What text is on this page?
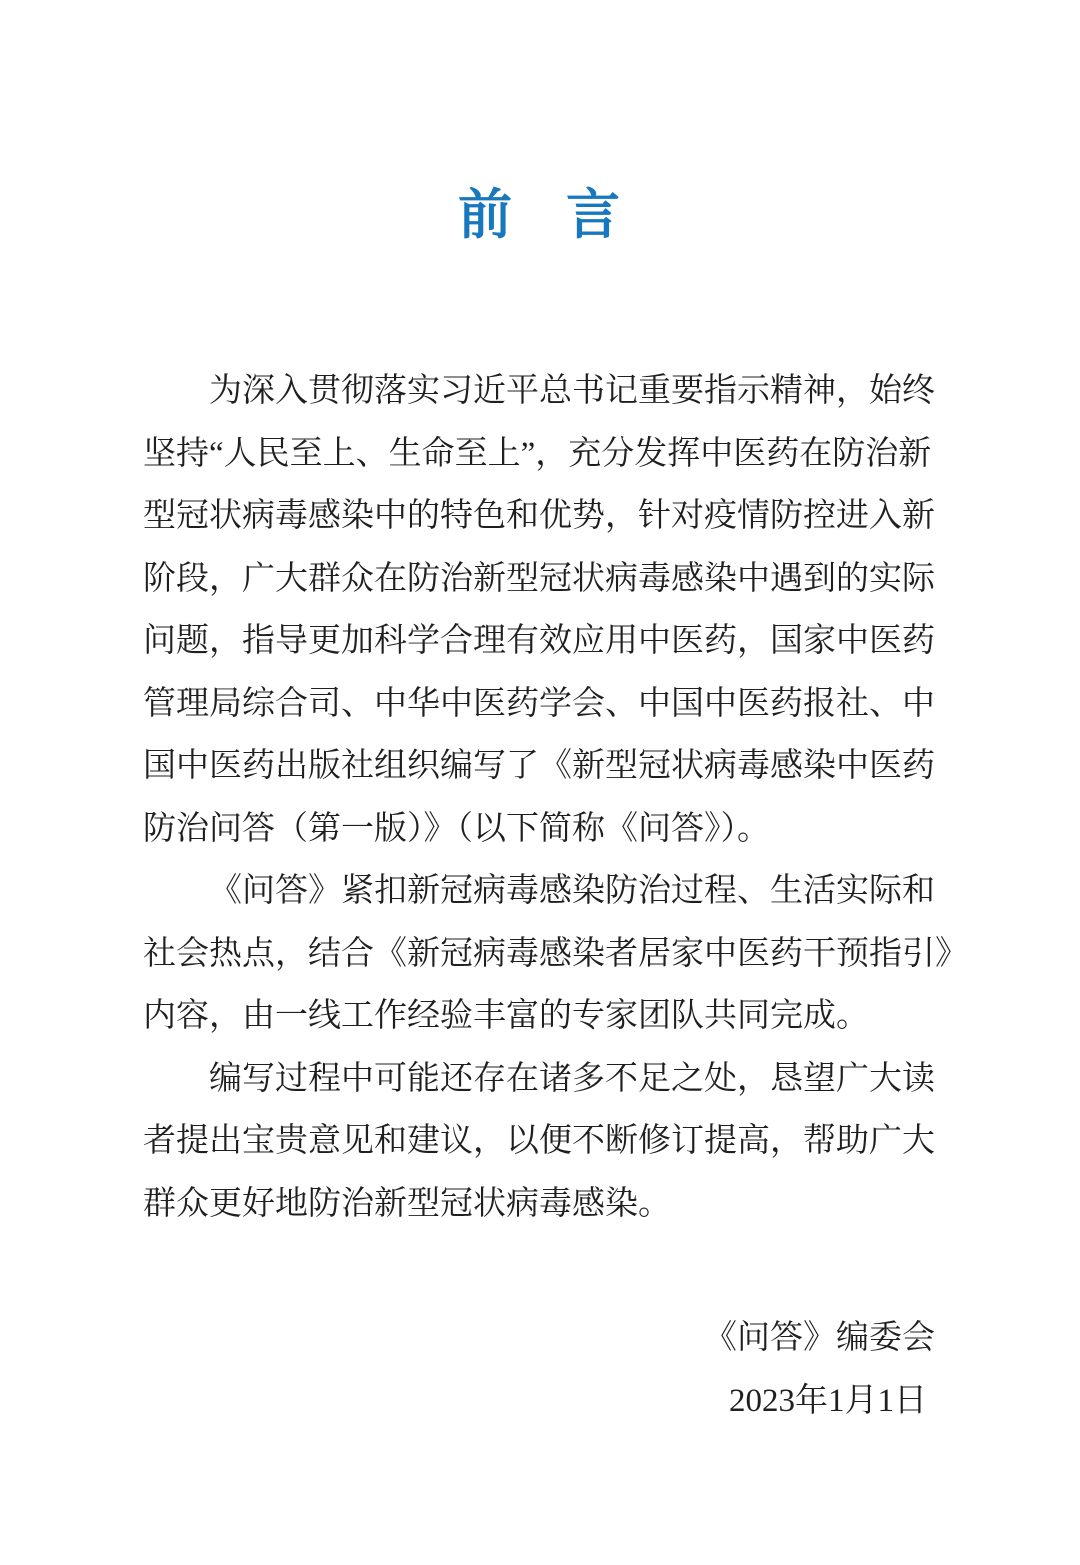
前　言

为深入贯彻落实习近平总书记重要指示精神，始终

坚持“人民至上、生命至上”，充分发挥中医药在防治新

型冠状病毒感染中的特色和优势，针对疫情防控进入新

阶段，广大群众在防治新型冠状病毒感染中遇到的实际

问题，指导更加科学合理有效应用中医药，国家中医药

管理局综合司、中华中医药学会、中国中医药报社、中

国中医药出版社组织编写了《新型冠状病毒感染中医药

防治问答（第一版）》（以下简称《问答》）。

《问答》紧扣新冠病毒感染防治过程、生活实际和

社会热点，结合《新冠病毒感染者居家中医药干预指引》

内容，由一线工作经验丰富的专家团队共同完成。

编写过程中可能还存在诸多不足之处，恳望广大读

者提出宝贵意见和建议，以便不断修订提高，帮助广大

群众更好地防治新型冠状病毒感染。

《问答》编委会

2023年1月1日
